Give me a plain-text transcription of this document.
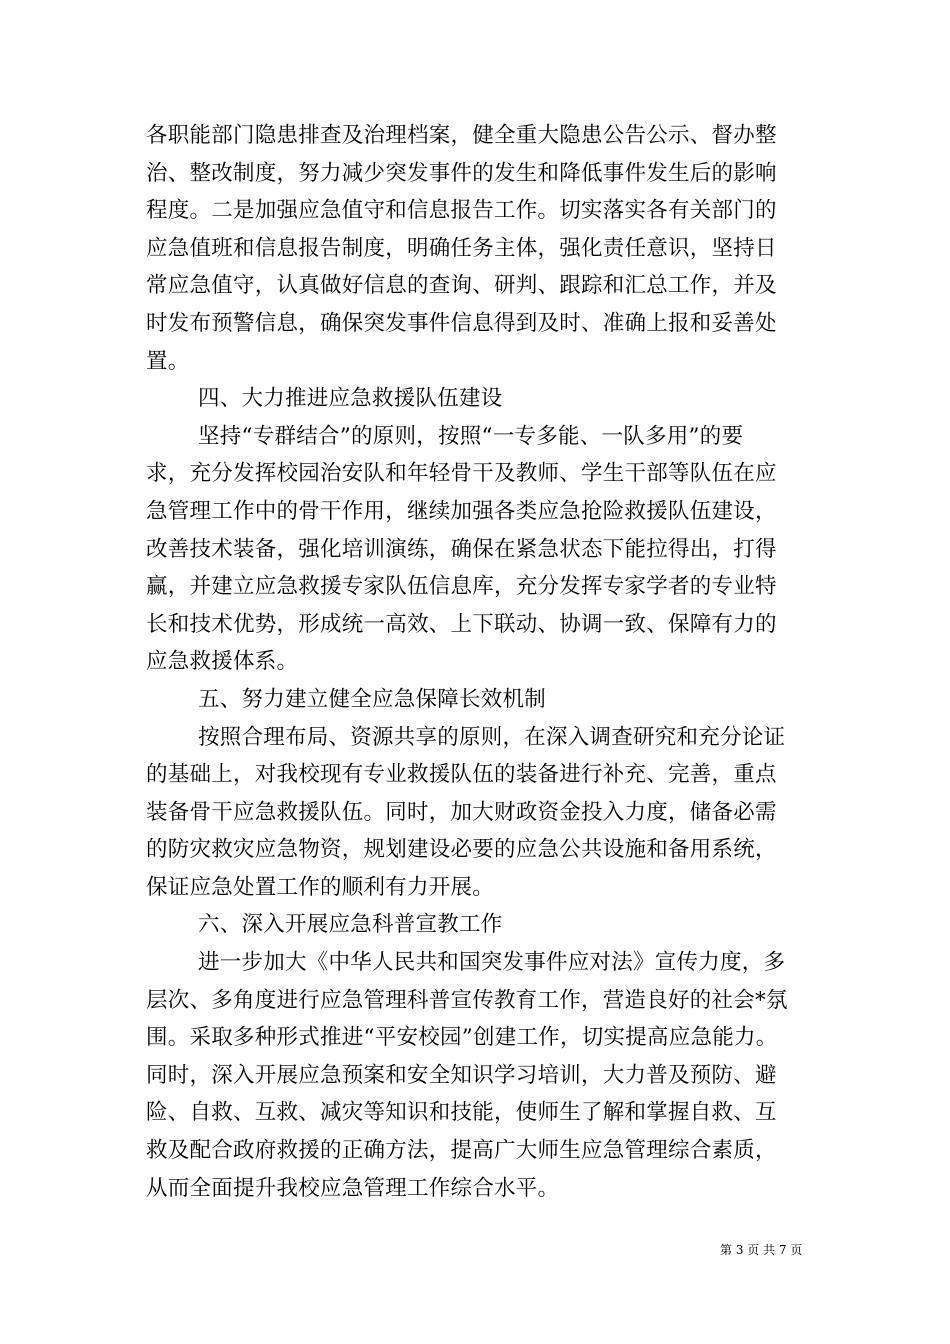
各职能部门隐患排查及治理档案，健全重大隐患公告公示、督办整
治、整改制度，努力减少突发事件的发生和降低事件发生后的影响
程度。二是加强应急值守和信息报告工作。切实落实各有关部门的
应急值班和信息报告制度，明确任务主体，强化责任意识，坚持日
常应急值守，认真做好信息的查询、研判、跟踪和汇总工作，并及
时发布预警信息，确保突发事件信息得到及时、准确上报和妥善处
置。
四、大力推进应急救援队伍建设
坚持“专群结合”的原则，按照“一专多能、一队多用”的要
求，充分发挥校园治安队和年轻骨干及教师、学生干部等队伍在应
急管理工作中的骨干作用，继续加强各类应急抢险救援队伍建设，
改善技术装备，强化培训演练，确保在紧急状态下能拉得出，打得
赢，并建立应急救援专家队伍信息库，充分发挥专家学者的专业特
长和技术优势，形成统一高效、上下联动、协调一致、保障有力的
应急救援体系。
五、努力建立健全应急保障长效机制
按照合理布局、资源共享的原则，在深入调查研究和充分论证
的基础上，对我校现有专业救援队伍的装备进行补充、完善，重点
装备骨干应急救援队伍。同时，加大财政资金投入力度，储备必需
的防灾救灾应急物资，规划建设必要的应急公共设施和备用系统，
保证应急处置工作的顺利有力开展。
六、深入开展应急科普宣教工作
进一步加大《中华人民共和国突发事件应对法》宣传力度，多
层次、多角度进行应急管理科普宣传教育工作，营造良好的社会*氛
围。采取多种形式推进“平安校园”创建工作，切实提高应急能力。
同时，深入开展应急预案和安全知识学习培训，大力普及预防、避
险、自救、互救、减灾等知识和技能，使师生了解和掌握自救、互
救及配合政府救援的正确方法，提高广大师生应急管理综合素质，
从而全面提升我校应急管理工作综合水平。
第 3 页 共 7 页
